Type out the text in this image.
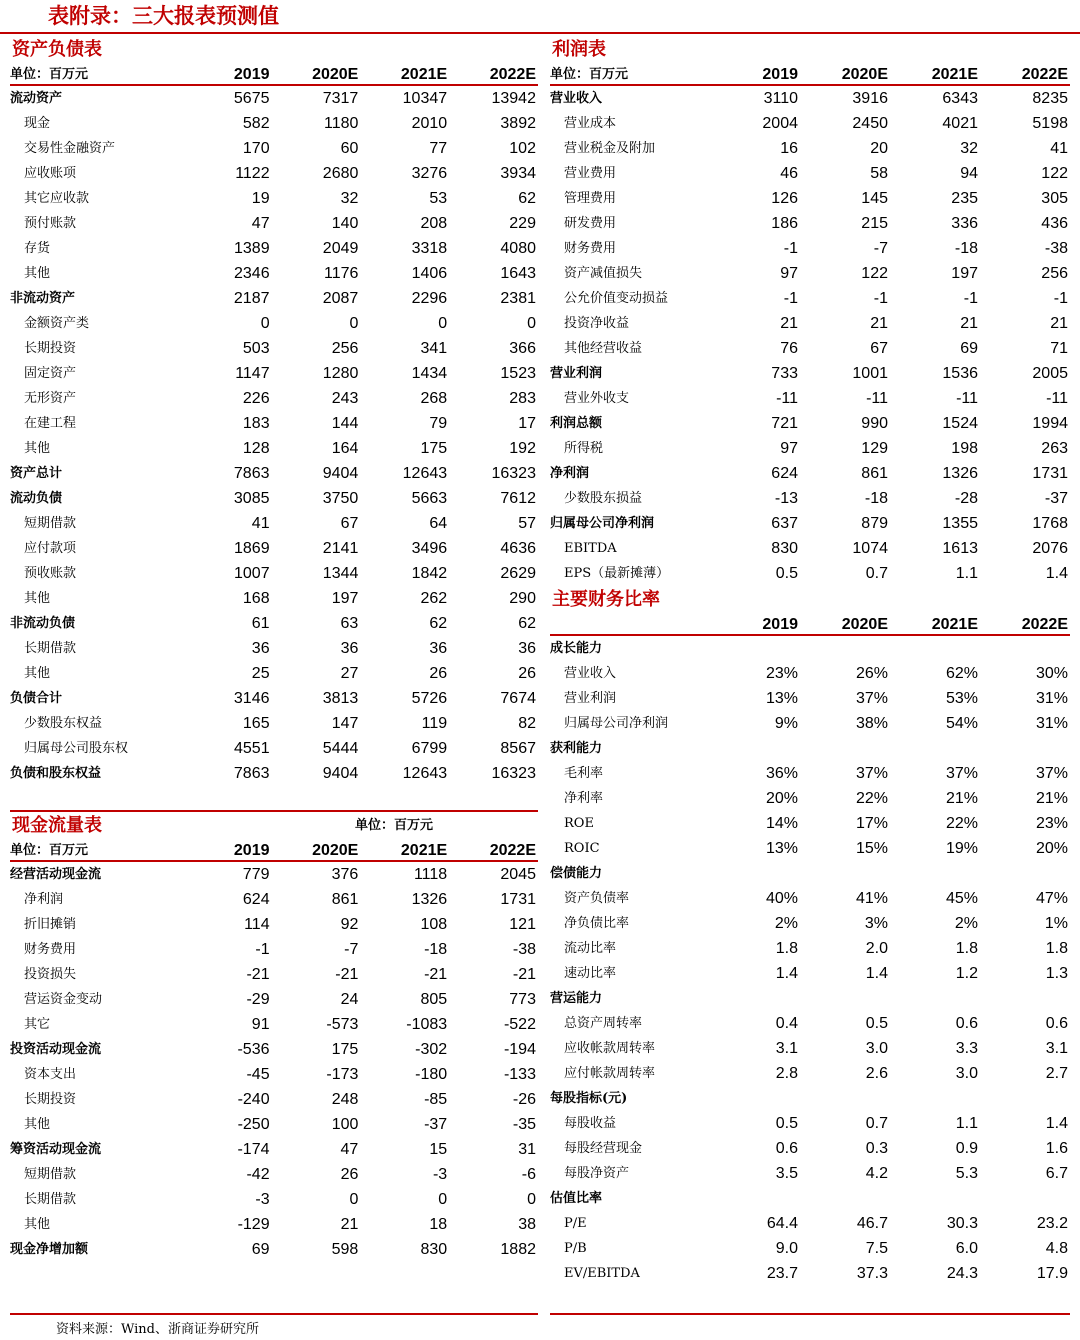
表附录：三大报表预测值
资产负债表
单位：百万元	2019	2020E	2021E	2022E
流动资产	5675	7317	10347	13942
现金	582	1180	2010	3892
交易性金融资产	170	60	77	102
应收账项	1122	2680	3276	3934
其它应收款	19	32	53	62
预付账款	47	140	208	229
存货	1389	2049	3318	4080
其他	2346	1176	1406	1643
非流动资产	2187	2087	2296	2381
金额资产类	0	0	0	0
长期投资	503	256	341	366
固定资产	1147	1280	1434	1523
无形资产	226	243	268	283
在建工程	183	144	79	17
其他	128	164	175	192
资产总计	7863	9404	12643	16323
流动负债	3085	3750	5663	7612
短期借款	41	67	64	57
应付款项	1869	2141	3496	4636
预收账款	1007	1344	1842	2629
其他	168	197	262	290
非流动负债	61	63	62	62
长期借款	36	36	36	36
其他	25	27	26	26
负债合计	3146	3813	5726	7674
少数股东权益	165	147	119	82
归属母公司股东权	4551	5444	6799	8567
负债和股东权益	7863	9404	12643	16323
现金流量表	单位：百万元
单位：百万元	2019	2020E	2021E	2022E
经营活动现金流	779	376	1118	2045
净利润	624	861	1326	1731
折旧摊销	114	92	108	121
财务费用	-1	-7	-18	-38
投资损失	-21	-21	-21	-21
营运资金变动	-29	24	805	773
其它	91	-573	-1083	-522
投资活动现金流	-536	175	-302	-194
资本支出	-45	-173	-180	-133
长期投资	-240	248	-85	-26
其他	-250	100	-37	-35
筹资活动现金流	-174	47	15	31
短期借款	-42	26	-3	-6
长期借款	-3	0	0	0
其他	-129	21	18	38
现金净增加额	69	598	830	1882
利润表
单位：百万元	2019	2020E	2021E	2022E
营业收入	3110	3916	6343	8235
营业成本	2004	2450	4021	5198
营业税金及附加	16	20	32	41
营业费用	46	58	94	122
管理费用	126	145	235	305
研发费用	186	215	336	436
财务费用	-1	-7	-18	-38
资产减值损失	97	122	197	256
公允价值变动损益	-1	-1	-1	-1
投资净收益	21	21	21	21
其他经营收益	76	67	69	71
营业利润	733	1001	1536	2005
营业外收支	-11	-11	-11	-11
利润总额	721	990	1524	1994
所得税	97	129	198	263
净利润	624	861	1326	1731
少数股东损益	-13	-18	-28	-37
归属母公司净利润	637	879	1355	1768
EBITDA	830	1074	1613	2076
EPS（最新摊薄）	0.5	0.7	1.1	1.4
主要财务比率
2019	2020E	2021E	2022E
成长能力
营业收入	23%	26%	62%	30%
营业利润	13%	37%	53%	31%
归属母公司净利润	9%	38%	54%	31%
获利能力
毛利率	36%	37%	37%	37%
净利率	20%	22%	21%	21%
ROE	14%	17%	22%	23%
ROIC	13%	15%	19%	20%
偿债能力
资产负债率	40%	41%	45%	47%
净负债比率	2%	3%	2%	1%
流动比率	1.8	2.0	1.8	1.8
速动比率	1.4	1.4	1.2	1.3
营运能力
总资产周转率	0.4	0.5	0.6	0.6
应收帐款周转率	3.1	3.0	3.3	3.1
应付帐款周转率	2.8	2.6	3.0	2.7
每股指标(元)
每股收益	0.5	0.7	1.1	1.4
每股经营现金	0.6	0.3	0.9	1.6
每股净资产	3.5	4.2	5.3	6.7
估值比率
P/E	64.4	46.7	30.3	23.2
P/B	9.0	7.5	6.0	4.8
EV/EBITDA	23.7	37.3	24.3	17.9
资料来源：Wind、浙商证券研究所
